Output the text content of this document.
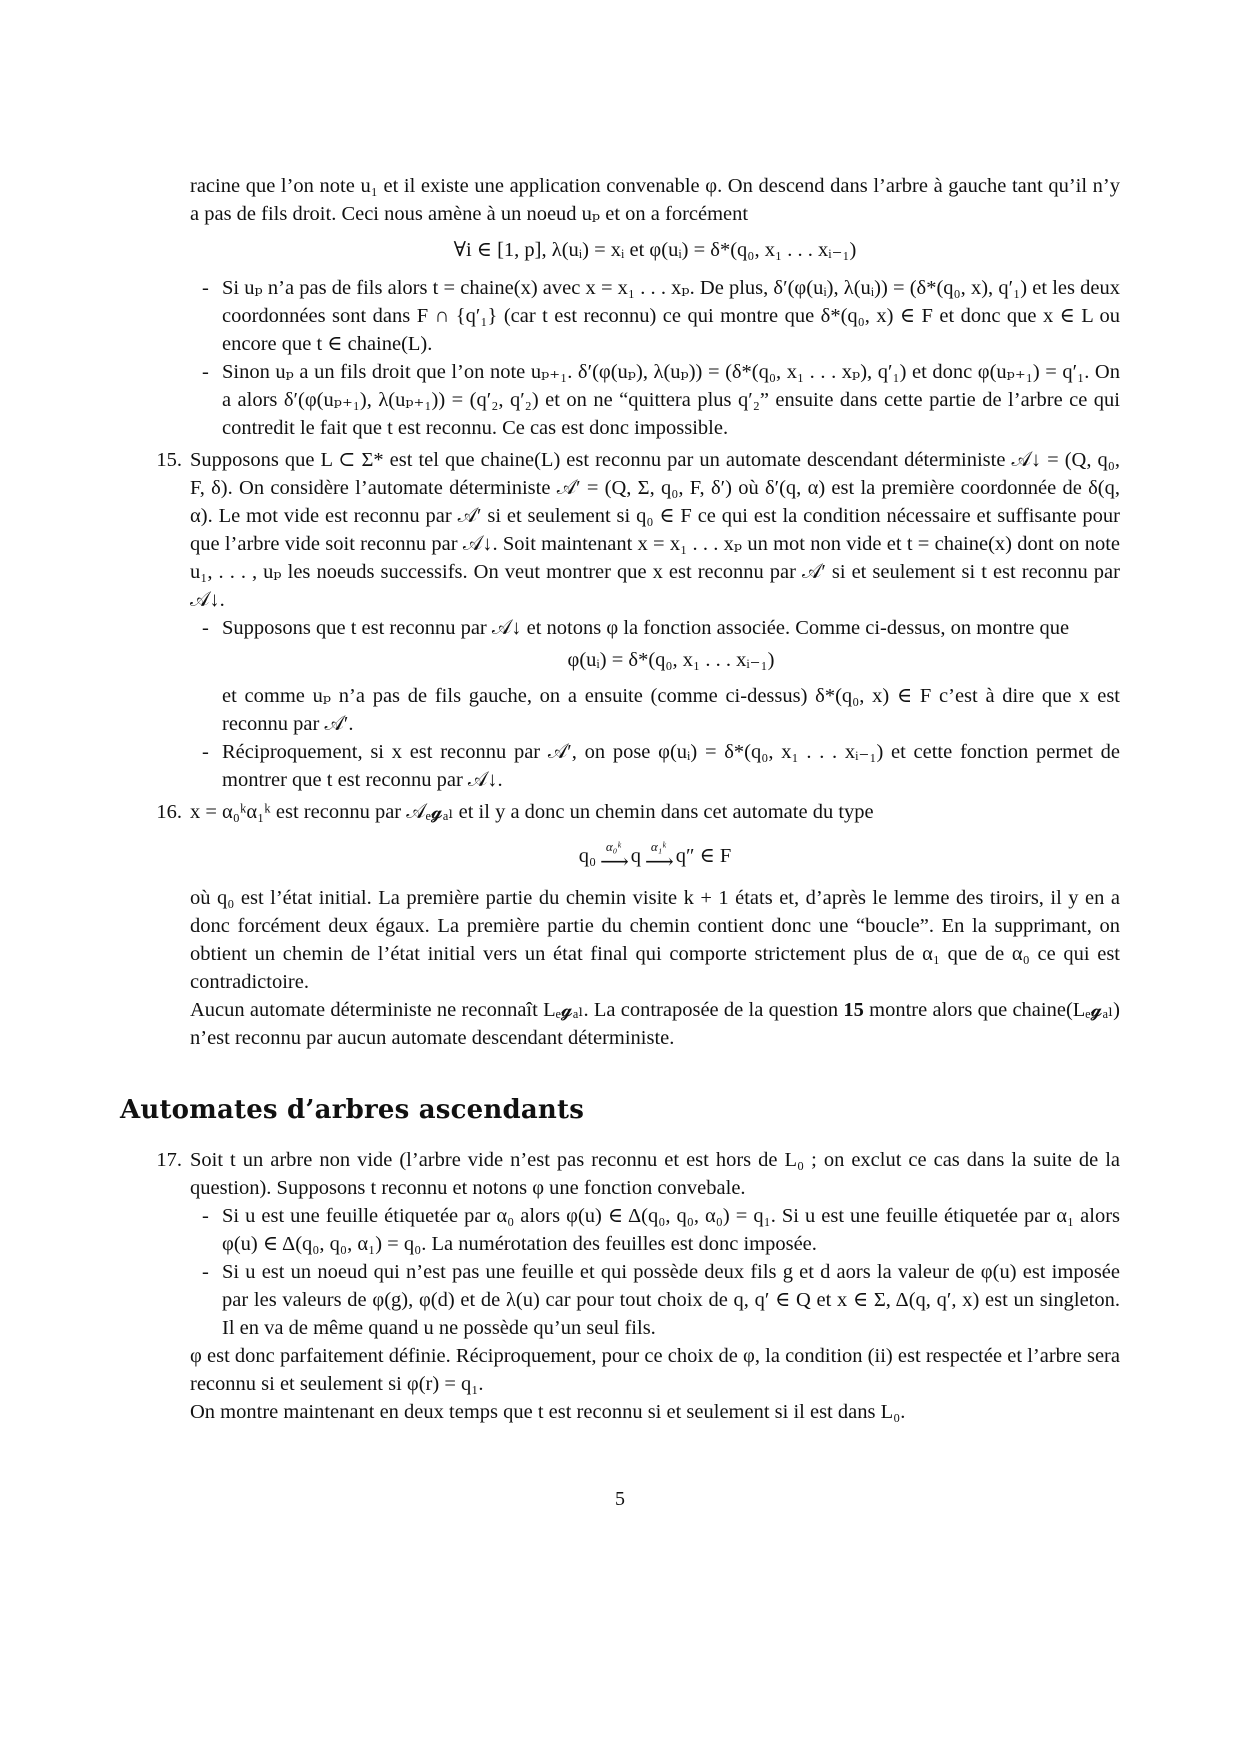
racine que l’on note u₁ et il existe une application convenable φ. On descend dans l’arbre à gauche tant qu’il n’y a pas de fils droit. Ceci nous amène à un noeud uₚ et on a forcément

∀i ∈ [1, p], λ(uᵢ) = xᵢ et φ(uᵢ) = δ*(q₀, x₁ . . . xᵢ₋₁)

- Si uₚ n’a pas de fils alors t = chaine(x) avec x = x₁ . . . xₚ. De plus, δ′(φ(uᵢ), λ(uᵢ)) = (δ*(q₀, x), q′₁) et les deux coordonnées sont dans F ∩ {q′₁} (car t est reconnu) ce qui montre que δ*(q₀, x) ∈ F et donc que x ∈ L ou encore que t ∈ chaine(L).

- Sinon uₚ a un fils droit que l’on note uₚ₊₁. δ′(φ(uₚ), λ(uₚ)) = (δ*(q₀, x₁ . . . xₚ), q′₁) et donc φ(uₚ₊₁) = q′₁. On a alors δ′(φ(uₚ₊₁), λ(uₚ₊₁)) = (q′₂, q′₂) et on ne “quittera plus q′₂” ensuite dans cette partie de l’arbre ce qui contredit le fait que t est reconnu. Ce cas est donc impossible.

15. Supposons que L ⊂ Σ* est tel que chaine(L) est reconnu par un automate descendant déterministe 𝒜↓ = (Q, q₀, F, δ). On considère l’automate déterministe 𝒜′ = (Q, Σ, q₀, F, δ′) où δ′(q, α) est la première coordonnée de δ(q, α). Le mot vide est reconnu par 𝒜′ si et seulement si q₀ ∈ F ce qui est la condition nécessaire et suffisante pour que l’arbre vide soit reconnu par 𝒜↓. Soit maintenant x = x₁ . . . xₚ un mot non vide et t = chaine(x) dont on note u₁, . . . , uₚ les noeuds successifs. On veut montrer que x est reconnu par 𝒜′ si et seulement si t est reconnu par 𝒜↓.

- Supposons que t est reconnu par 𝒜↓ et notons φ la fonction associée. Comme ci-dessus, on montre que

φ(uᵢ) = δ*(q₀, x₁ . . . xᵢ₋₁)

et comme uₚ n’a pas de fils gauche, on a ensuite (comme ci-dessus) δ*(q₀, x) ∈ F c’est à dire que x est reconnu par 𝒜′.

- Réciproquement, si x est reconnu par 𝒜′, on pose φ(uᵢ) = δ*(q₀, x₁ . . . xᵢ₋₁) et cette fonction permet de montrer que t est reconnu par 𝒜↓.

16. x = α₀ᵏα₁ᵏ est reconnu par 𝒜ₑ𝓰ₐₗ et il y a donc un chemin dans cet automate du type

q₀ α₀ᵏ
⟶ q α₁ᵏ
⟶ q″ ∈ F

où q₀ est l’état initial. La première partie du chemin visite k + 1 états et, d’après le lemme des tiroirs, il y en a donc forcément deux égaux. La première partie du chemin contient donc une “boucle”. En la supprimant, on obtient un chemin de l’état initial vers un état final qui comporte strictement plus de α₁ que de α₀ ce qui est contradictoire.

Aucun automate déterministe ne reconnaît Lₑ𝓰ₐₗ. La contraposée de la question 15 montre alors que chaine(Lₑ𝓰ₐₗ) n’est reconnu par aucun automate descendant déterministe.

Automates d’arbres ascendants
17. Soit t un arbre non vide (l’arbre vide n’est pas reconnu et est hors de L₀ ; on exclut ce cas dans la suite de la question). Supposons t reconnu et notons φ une fonction convebale.

- Si u est une feuille étiquetée par α₀ alors φ(u) ∈ Δ(q₀, q₀, α₀) = q₁. Si u est une feuille étiquetée par α₁ alors φ(u) ∈ Δ(q₀, q₀, α₁) = q₀. La numérotation des feuilles est donc imposée.

- Si u est un noeud qui n’est pas une feuille et qui possède deux fils g et d aors la valeur de φ(u) est imposée par les valeurs de φ(g), φ(d) et de λ(u) car pour tout choix de q, q′ ∈ Q et x ∈ Σ, Δ(q, q′, x) est un singleton. Il en va de même quand u ne possède qu’un seul fils.

φ est donc parfaitement définie. Réciproquement, pour ce choix de φ, la condition (ii) est respectée et l’arbre sera reconnu si et seulement si φ(r) = q₁.

On montre maintenant en deux temps que t est reconnu si et seulement si il est dans L₀.

5
